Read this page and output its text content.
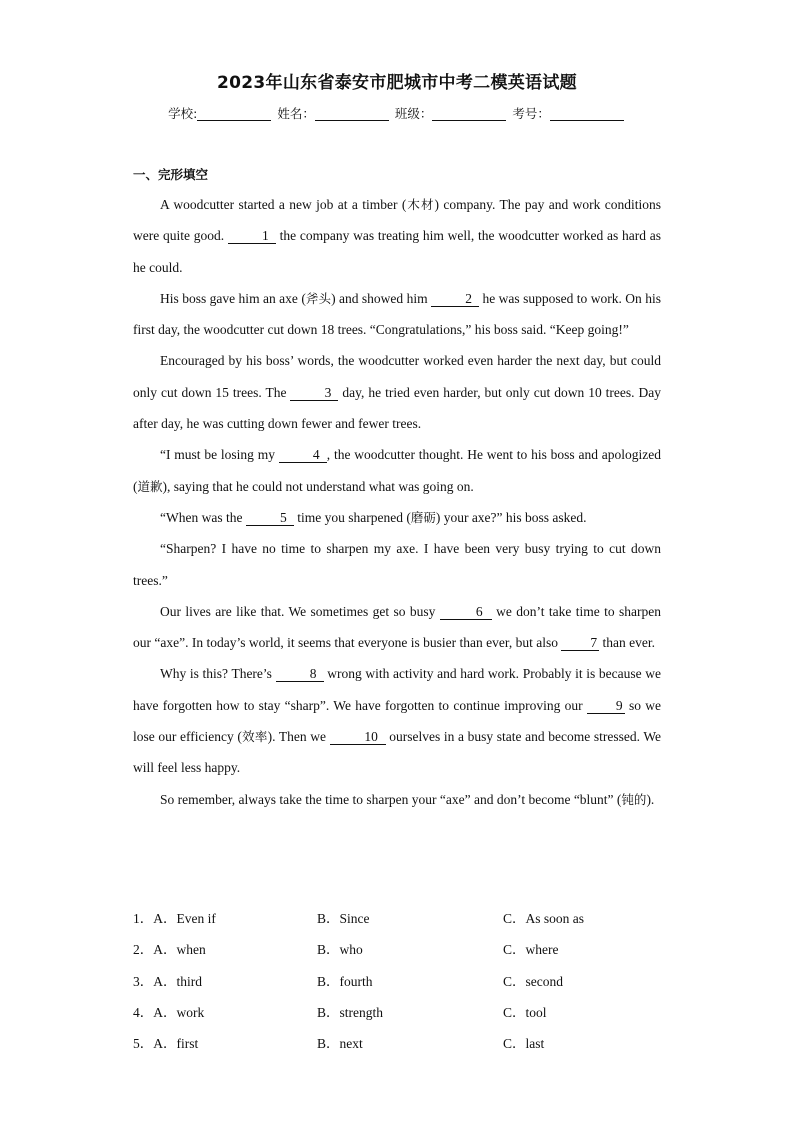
2023年山东省泰安市肥城市中考二模英语试题
学校:	姓名：	班级：	考号：
一、完形填空

A woodcutter started a new job at a timber (木材) company. The pay and work conditions were quite good.	1 the company was treating him well, the woodcutter worked as hard as he could.

His boss gave him an axe (斧头) and showed him	2 he was supposed to work. On his first day, the woodcutter cut down 18 trees. “Congratulations,” his boss said. “Keep going!”

Encouraged by his boss’ words, the woodcutter worked even harder the next day, but could only cut down 15 trees. The	3 day, he tried even harder, but only cut down 10 trees. Day after day, he was cutting down fewer and fewer trees.

“I must be losing my	4 , the woodcutter thought. He went to his boss and apologized (道歉), saying that he could not understand what was going on.

“When was the	5 time you sharpened (磨砺) your axe?” his boss asked.

“Sharpen? I have no time to sharpen my axe. I have been very busy trying to cut down trees.”

Our lives are like that. We sometimes get so busy	6 we don’t take time to sharpen our “axe”. In today’s world, it seems that everyone is busier than ever, but also 7 than ever.

Why is this? There’s	8 wrong with activity and hard work. Probably it is because we have forgotten how to stay “sharp”. We have forgotten to continue improving our 9 so we lose our efficiency (效率). Then we	10 ourselves in a busy state and become stressed. We will feel less happy.

So remember, always take the time to sharpen your “axe” and don’t become “blunt” (钝的).

1．A．Even if	B．Since	C．As soon as
2．A．when	B．who	C．where
3．A．third	B．fourth	C．second
4．A．work	B．strength	C．tool
5．A．first	B．next	C．last
